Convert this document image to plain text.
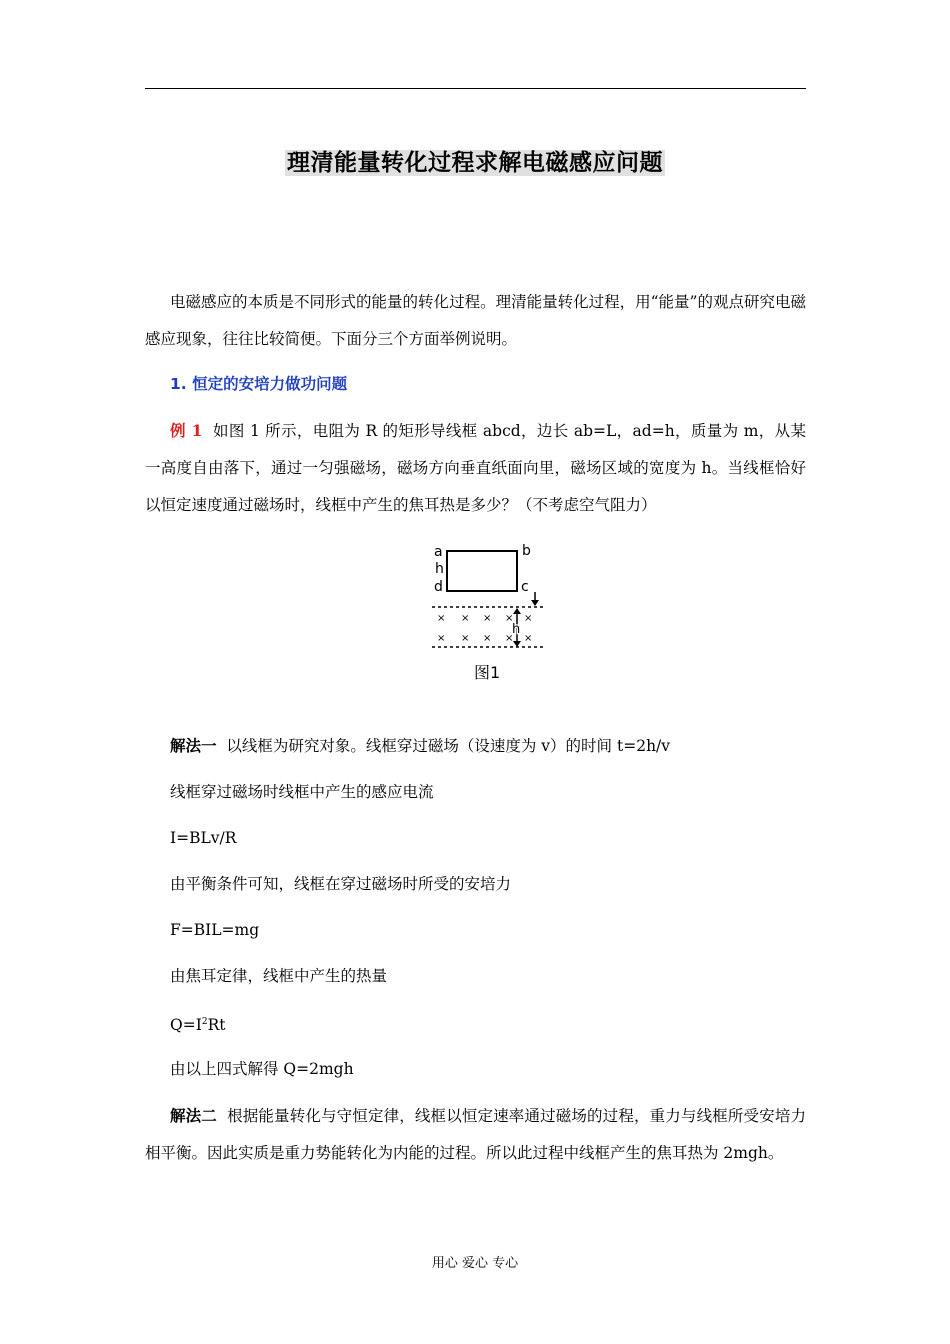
理清能量转化过程求解电磁感应问题
电磁感应的本质是不同形式的能量的转化过程。理清能量转化过程，用“能量”的观点研究电磁感应现象，往往比较简便。下面分三个方面举例说明。
1. 恒定的安培力做功问题
例 1 如图 1 所示，电阻为 R 的矩形导线框 abcd，边长 ab=L，ad=h，质量为 m，从某一高度自由落下，通过一匀强磁场，磁场方向垂直纸面向里，磁场区域的宽度为 h。当线框恰好以恒定速度通过磁场时，线框中产生的焦耳热是多少？（不考虑空气阻力）
a	b
c
d
h
× × × × ×
× × × × ×
h
图1
解法一 以线框为研究对象。线框穿过磁场（设速度为 v）的时间 t=2h/v
线框穿过磁场时线框中产生的感应电流
I=BLv/R
由平衡条件可知，线框在穿过磁场时所受的安培力
F=BIL=mg
由焦耳定律，线框中产生的热量
$Q=I^2Rt$
由以上四式解得 Q=2mgh
解法二 根据能量转化与守恒定律，线框以恒定速率通过磁场的过程，重力与线框所受安培力相平衡。因此实质是重力势能转化为内能的过程。所以此过程中线框产生的焦耳热为 2mgh。
用心 爱心 专心
